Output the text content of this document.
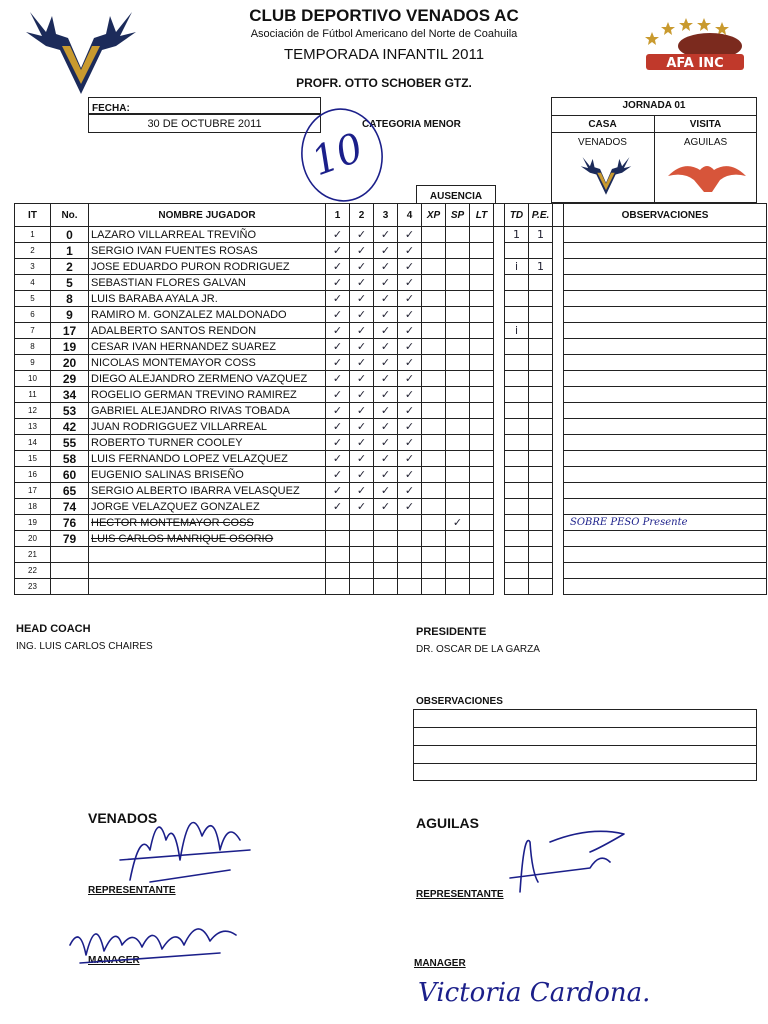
CLUB DEPORTIVO VENADOS AC
Asociación de Fútbol Americano del Norte de Coahuila
TEMPORADA INFANTIL 2011
PROFR. OTTO SCHOBER GTZ.
AFA INC
FECHA:
30 DE OCTUBRE 2011	CATEGORIA MENOR
10
JORNADA 01
CASA	VISITA
VENADOS	AGUILAS
AUSENCIA
IT	No.	NOMBRE JUGADOR	1	2	3	4	XP	SP	LT		TD	P.E.		OBSERVACIONES
1	0	LAZARO VILLARREAL TREVIÑO	✓	✓	✓	✓					1	1		
2	1	SERGIO IVAN FUENTES ROSAS	✓	✓	✓	✓								
3	2	JOSE EDUARDO PURON RODRIGUEZ	✓	✓	✓	✓					i	1		
4	5	SEBASTIAN FLORES GALVAN	✓	✓	✓	✓								
5	8	LUIS BARABA AYALA JR.	✓	✓	✓	✓								
6	9	RAMIRO M. GONZALEZ MALDONADO	✓	✓	✓	✓								
7	17	ADALBERTO SANTOS RENDON	✓	✓	✓	✓					i			
8	19	CESAR IVAN HERNANDEZ SUAREZ	✓	✓	✓	✓								
9	20	NICOLAS MONTEMAYOR COSS	✓	✓	✓	✓								
10	29	DIEGO ALEJANDRO ZERMENO VAZQUEZ	✓	✓	✓	✓								
11	34	ROGELIO GERMAN TREVINO RAMIREZ	✓	✓	✓	✓								
12	53	GABRIEL ALEJANDRO RIVAS TOBADA	✓	✓	✓	✓								
13	42	JUAN RODRIGGUEZ VILLARREAL	✓	✓	✓	✓								
14	55	ROBERTO TURNER COOLEY	✓	✓	✓	✓								
15	58	LUIS FERNANDO LOPEZ VELAZQUEZ	✓	✓	✓	✓								
16	60	EUGENIO SALINAS BRISEÑO	✓	✓	✓	✓								
17	65	SERGIO ALBERTO IBARRA VELASQUEZ	✓	✓	✓	✓								
18	74	JORGE VELAZQUEZ GONZALEZ	✓	✓	✓	✓								
19	76	HECTOR MONTEMAYOR COSS						✓						SOBRE PESO Presente
20	79	LUIS CARLOS MANRIQUE OSORIO												
21														
22														
23														
HEAD COACH
ING. LUIS CARLOS CHAIRES
PRESIDENTE
DR. OSCAR DE LA GARZA
OBSERVACIONES
VENADOS	AGUILAS
REPRESENTANTE	REPRESENTANTE
MANAGER	MANAGER
Victoria Cardona.
